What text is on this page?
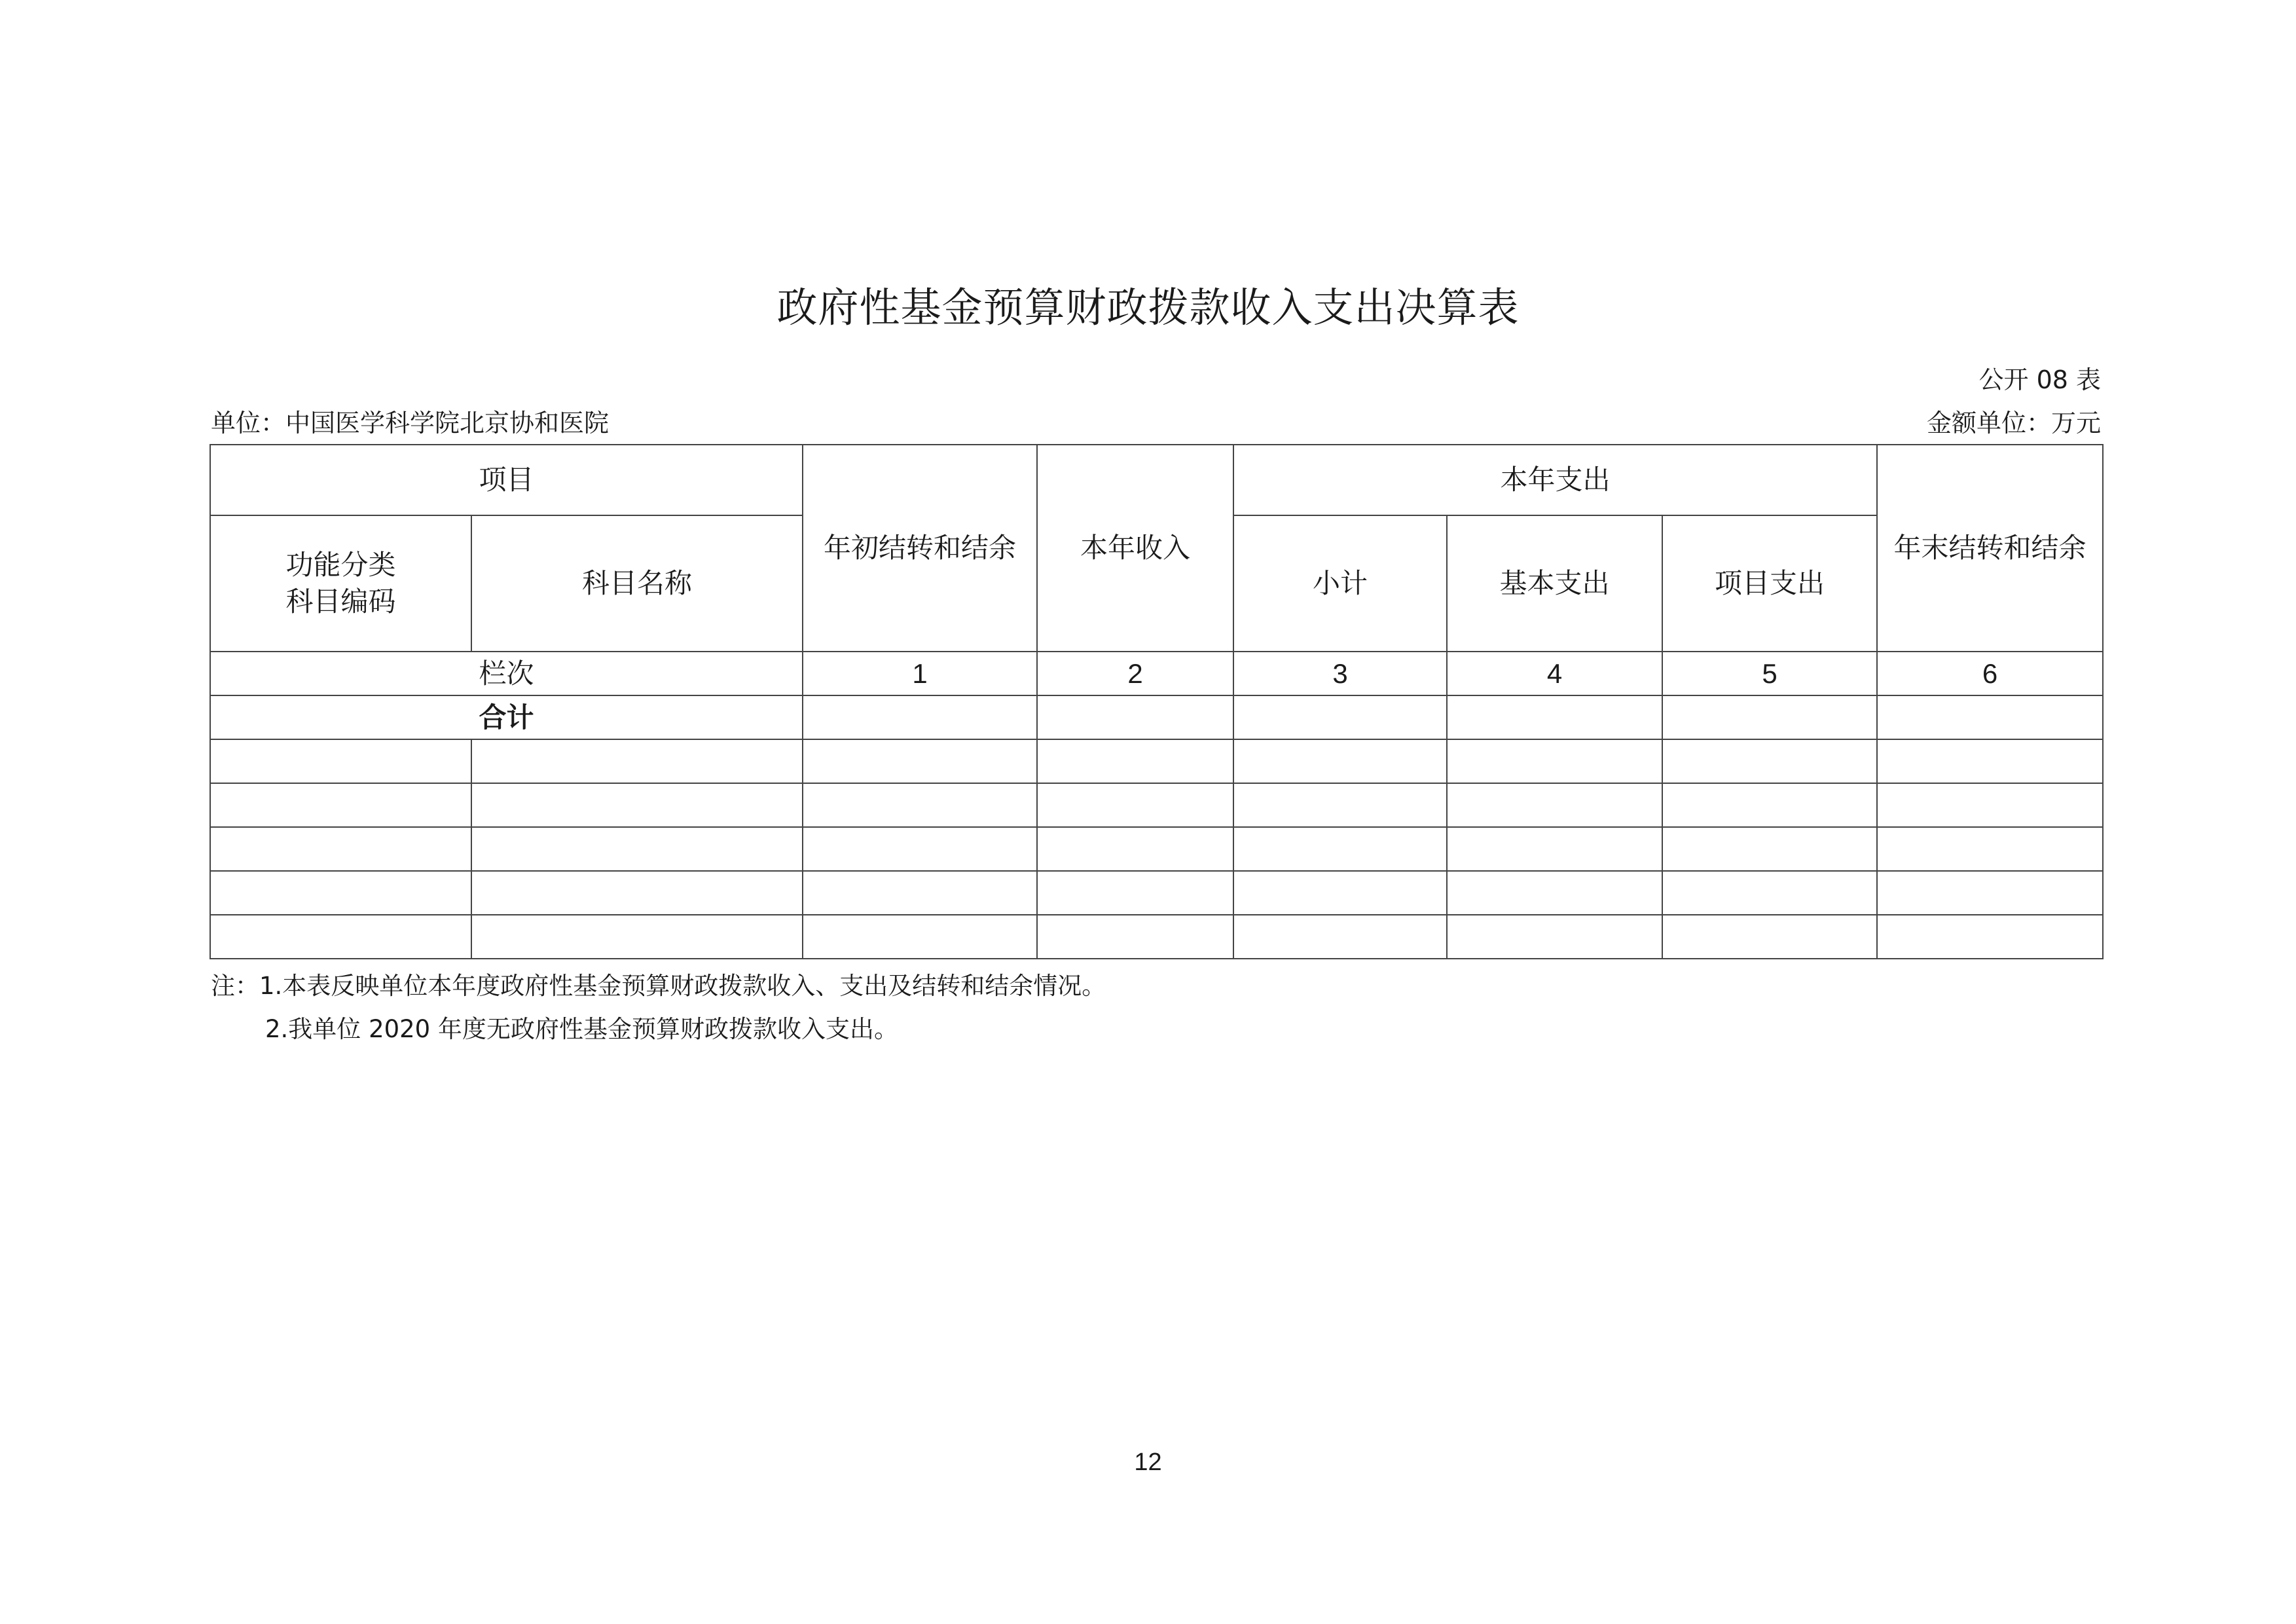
政府性基金预算财政拨款收入支出决算表
公开 08 表
单位：中国医学科学院北京协和医院	金额单位：万元
项目		年初结转和结余	本年收入	本年支出			年末结转和结余

功能分类
科目编码	科目名称			小计	基本支出	项目支出	
栏次		1	2	3	4	5	6
合计							

注：1.本表反映单位本年度政府性基金预算财政拨款收入、支出及结转和结余情况。
2.我单位 2020 年度无政府性基金预算财政拨款收入支出。
12
